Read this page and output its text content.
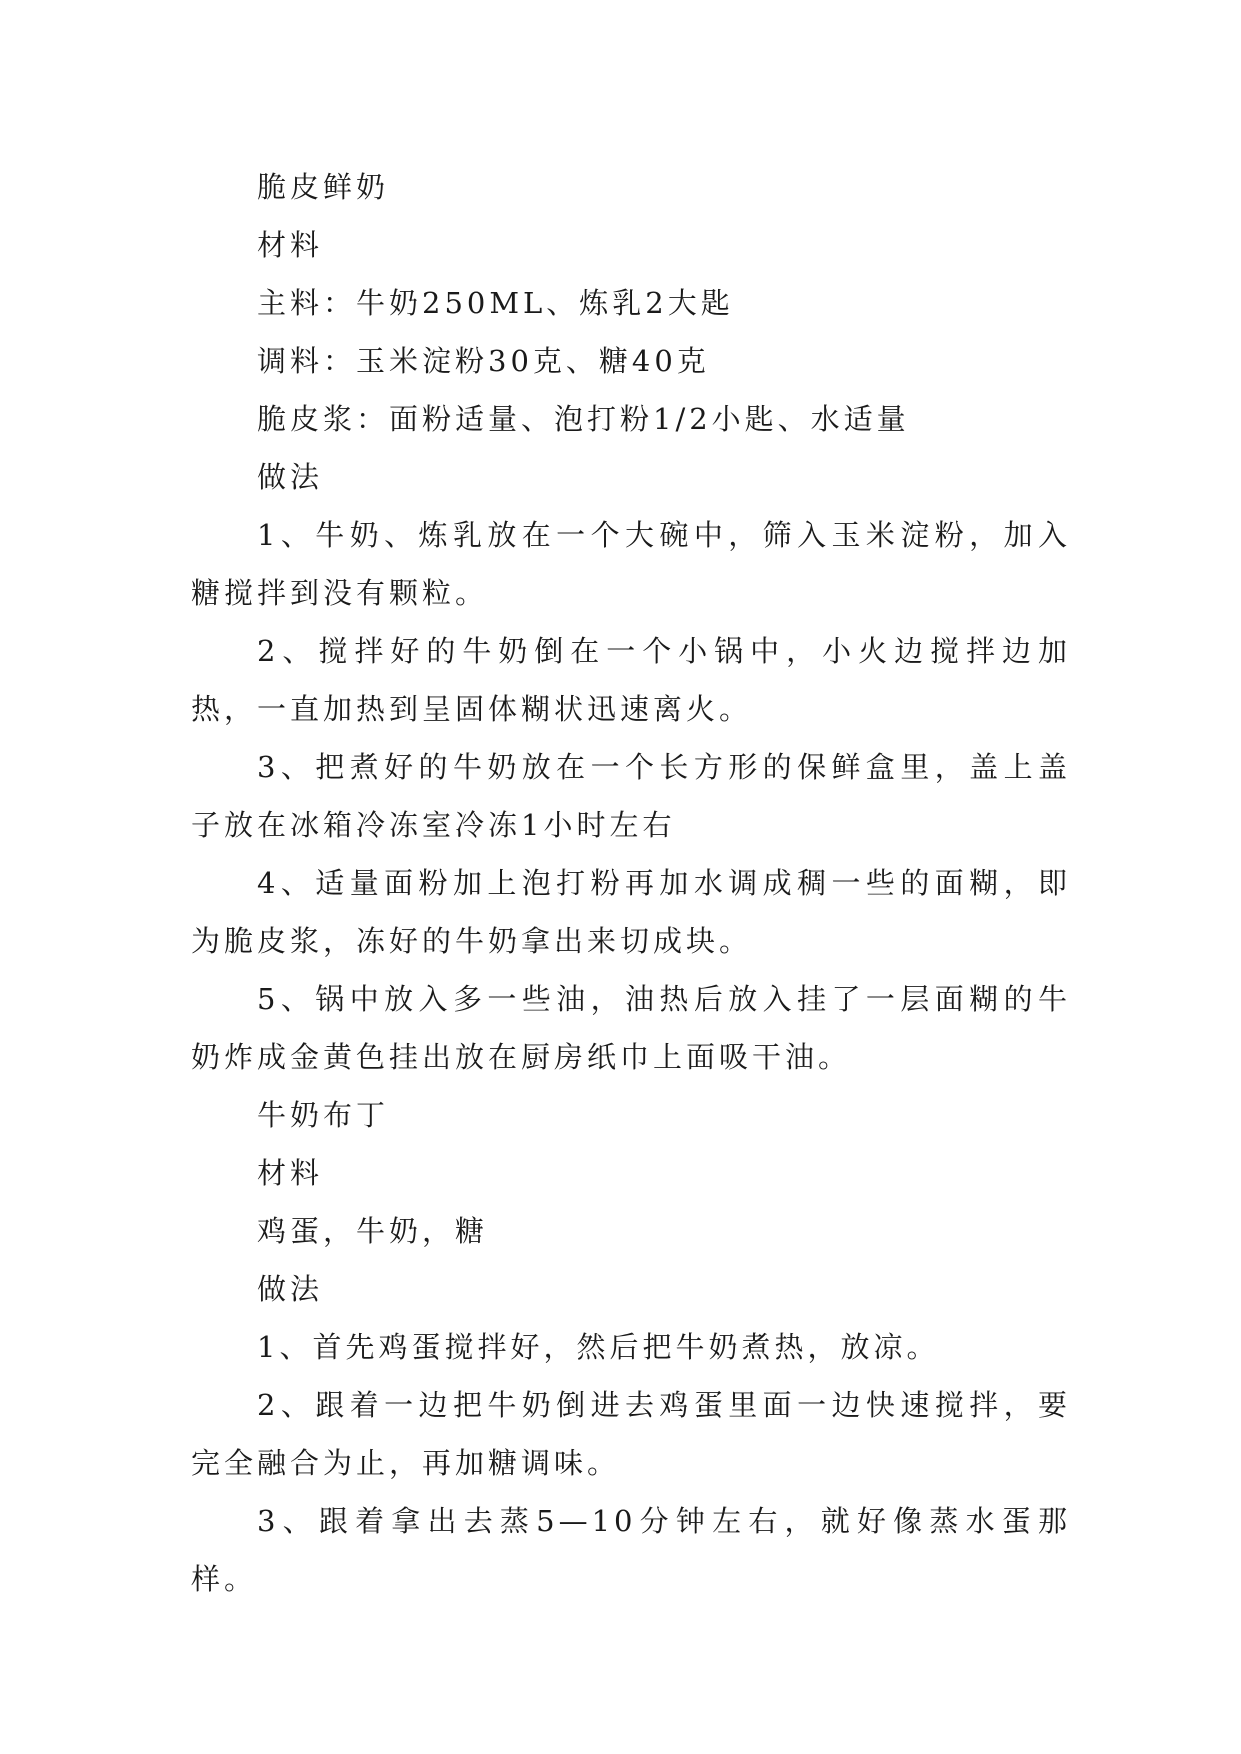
脆皮鲜奶

材料

主料：牛奶250ML、炼乳2大匙

调料：玉米淀粉30克、糖40克

脆皮浆：面粉适量、泡打粉1/2小匙、水适量

做法

1、牛奶、炼乳放在一个大碗中，筛入玉米淀粉，加入糖搅拌到没有颗粒。

2、搅拌好的牛奶倒在一个小锅中，小火边搅拌边加热，一直加热到呈固体糊状迅速离火。

3、把煮好的牛奶放在一个长方形的保鲜盒里，盖上盖子放在冰箱冷冻室冷冻1小时左右

4、适量面粉加上泡打粉再加水调成稠一些的面糊，即为脆皮浆，冻好的牛奶拿出来切成块。

5、锅中放入多一些油，油热后放入挂了一层面糊的牛奶炸成金黄色挂出放在厨房纸巾上面吸干油。

牛奶布丁

材料

鸡蛋，牛奶，糖

做法

1、首先鸡蛋搅拌好，然后把牛奶煮热，放凉。

2、跟着一边把牛奶倒进去鸡蛋里面一边快速搅拌，要完全融合为止，再加糖调味。

3、跟着拿出去蒸5—10分钟左右，就好像蒸水蛋那样。
